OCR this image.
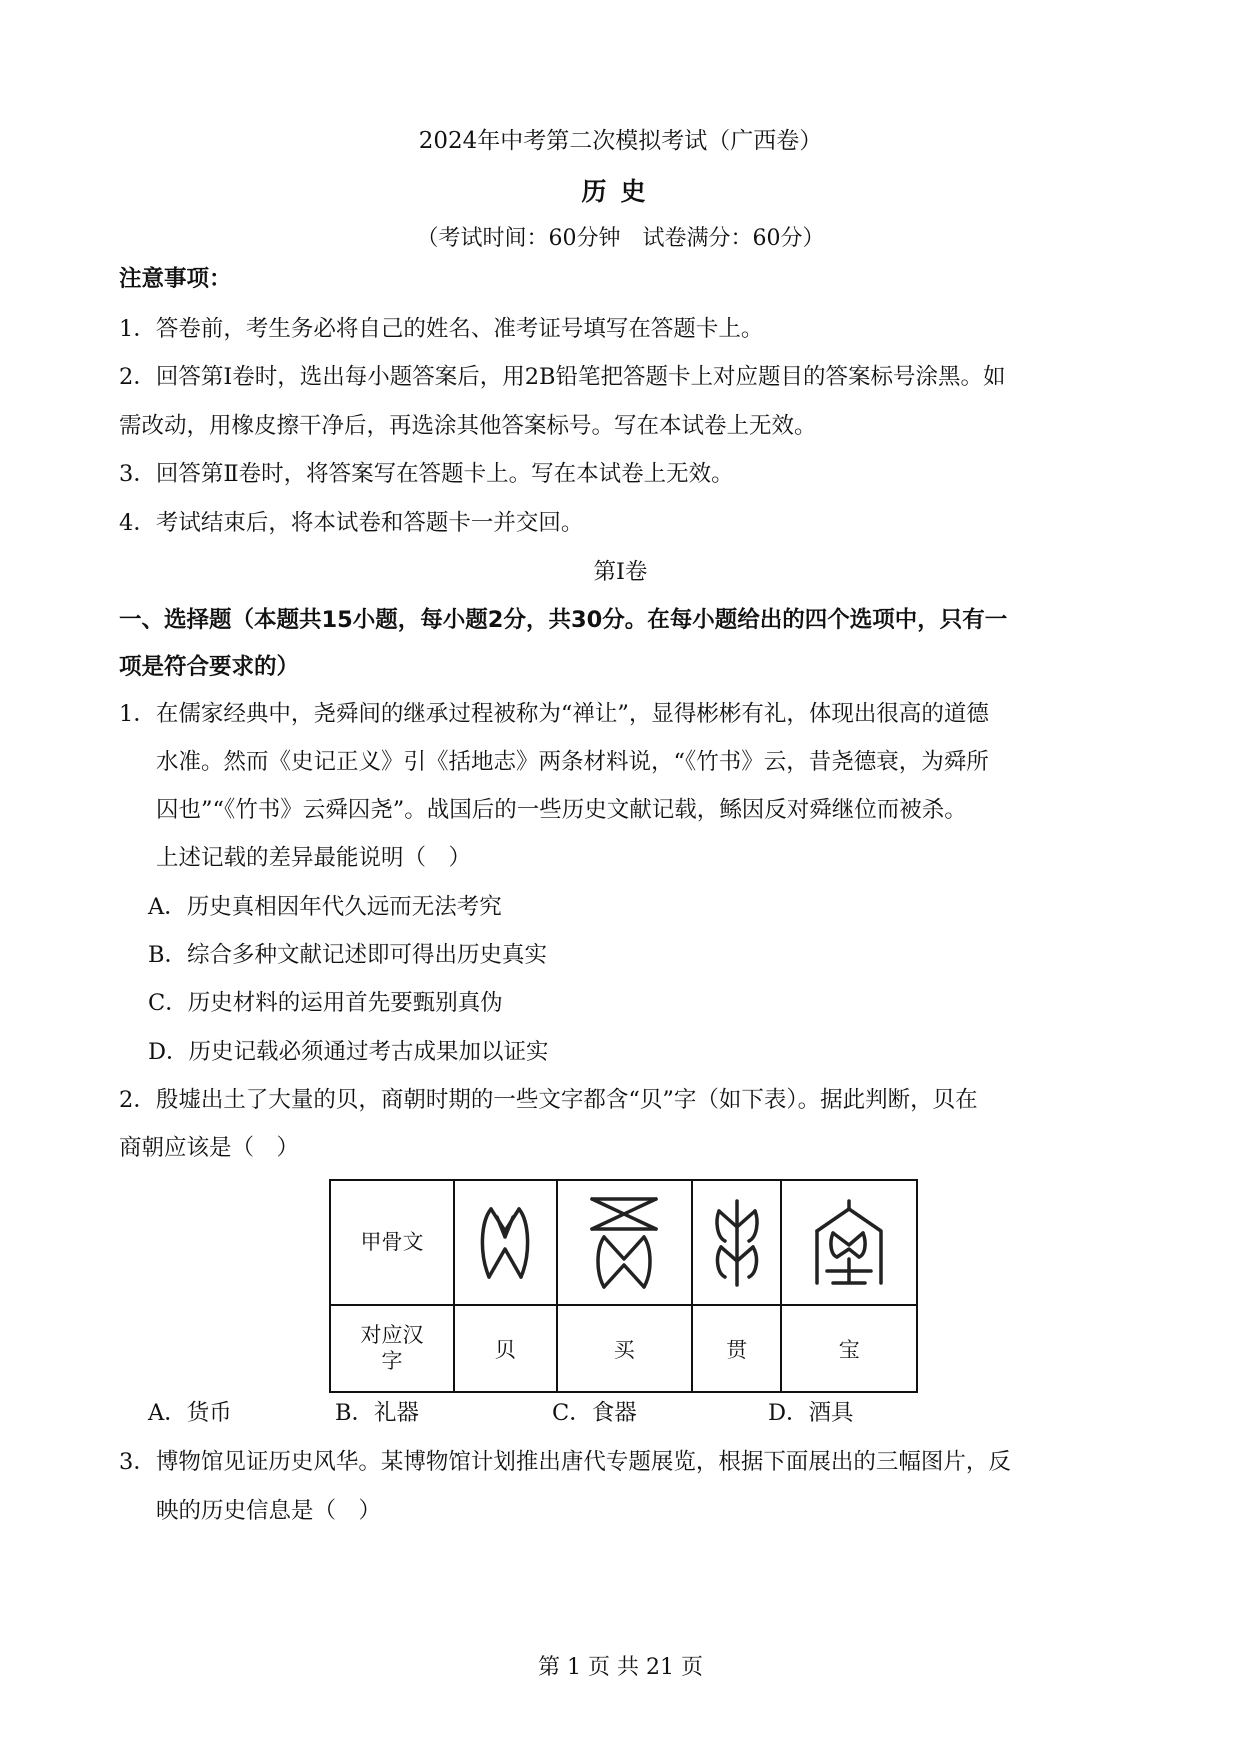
2024年中考第二次模拟考试（广西卷）
历史
（考试时间：60分钟　试卷满分：60分）
注意事项：
1．答卷前，考生务必将自己的姓名、准考证号填写在答题卡上。
2．回答第Ⅰ卷时，选出每小题答案后，用2B铅笔把答题卡上对应题目的答案标号涂黑。如
需改动，用橡皮擦干净后，再选涂其他答案标号。写在本试卷上无效。
3．回答第Ⅱ卷时，将答案写在答题卡上。写在本试卷上无效。
4．考试结束后，将本试卷和答题卡一并交回。
第Ⅰ卷
一、选择题（本题共15小题，每小题2分，共30分。在每小题给出的四个选项中，只有一
项是符合要求的）
1．在儒家经典中，尧舜间的继承过程被称为“禅让”，显得彬彬有礼，体现出很高的道德
水准。然而《史记正义》引《括地志》两条材料说，“《竹书》云，昔尧德衰，为舜所
囚也”“《竹书》云舜囚尧”。战国后的一些历史文献记载，鲧因反对舜继位而被杀。
上述记载的差异最能说明（　）
A．历史真相因年代久远而无法考究
B．综合多种文献记述即可得出历史真实
C．历史材料的运用首先要甄别真伪
D．历史记载必须通过考古成果加以证实
2．殷墟出土了大量的贝，商朝时期的一些文字都含“贝”字（如下表）。据此判断，贝在
商朝应该是（　）
甲骨文	

对应汉
字	贝	买	贯	宝
A．货币	B．礼器	C．食器	D．酒具
3．博物馆见证历史风华。某博物馆计划推出唐代专题展览，根据下面展出的三幅图片，反
映的历史信息是（　）
第 1 页 共 21 页
